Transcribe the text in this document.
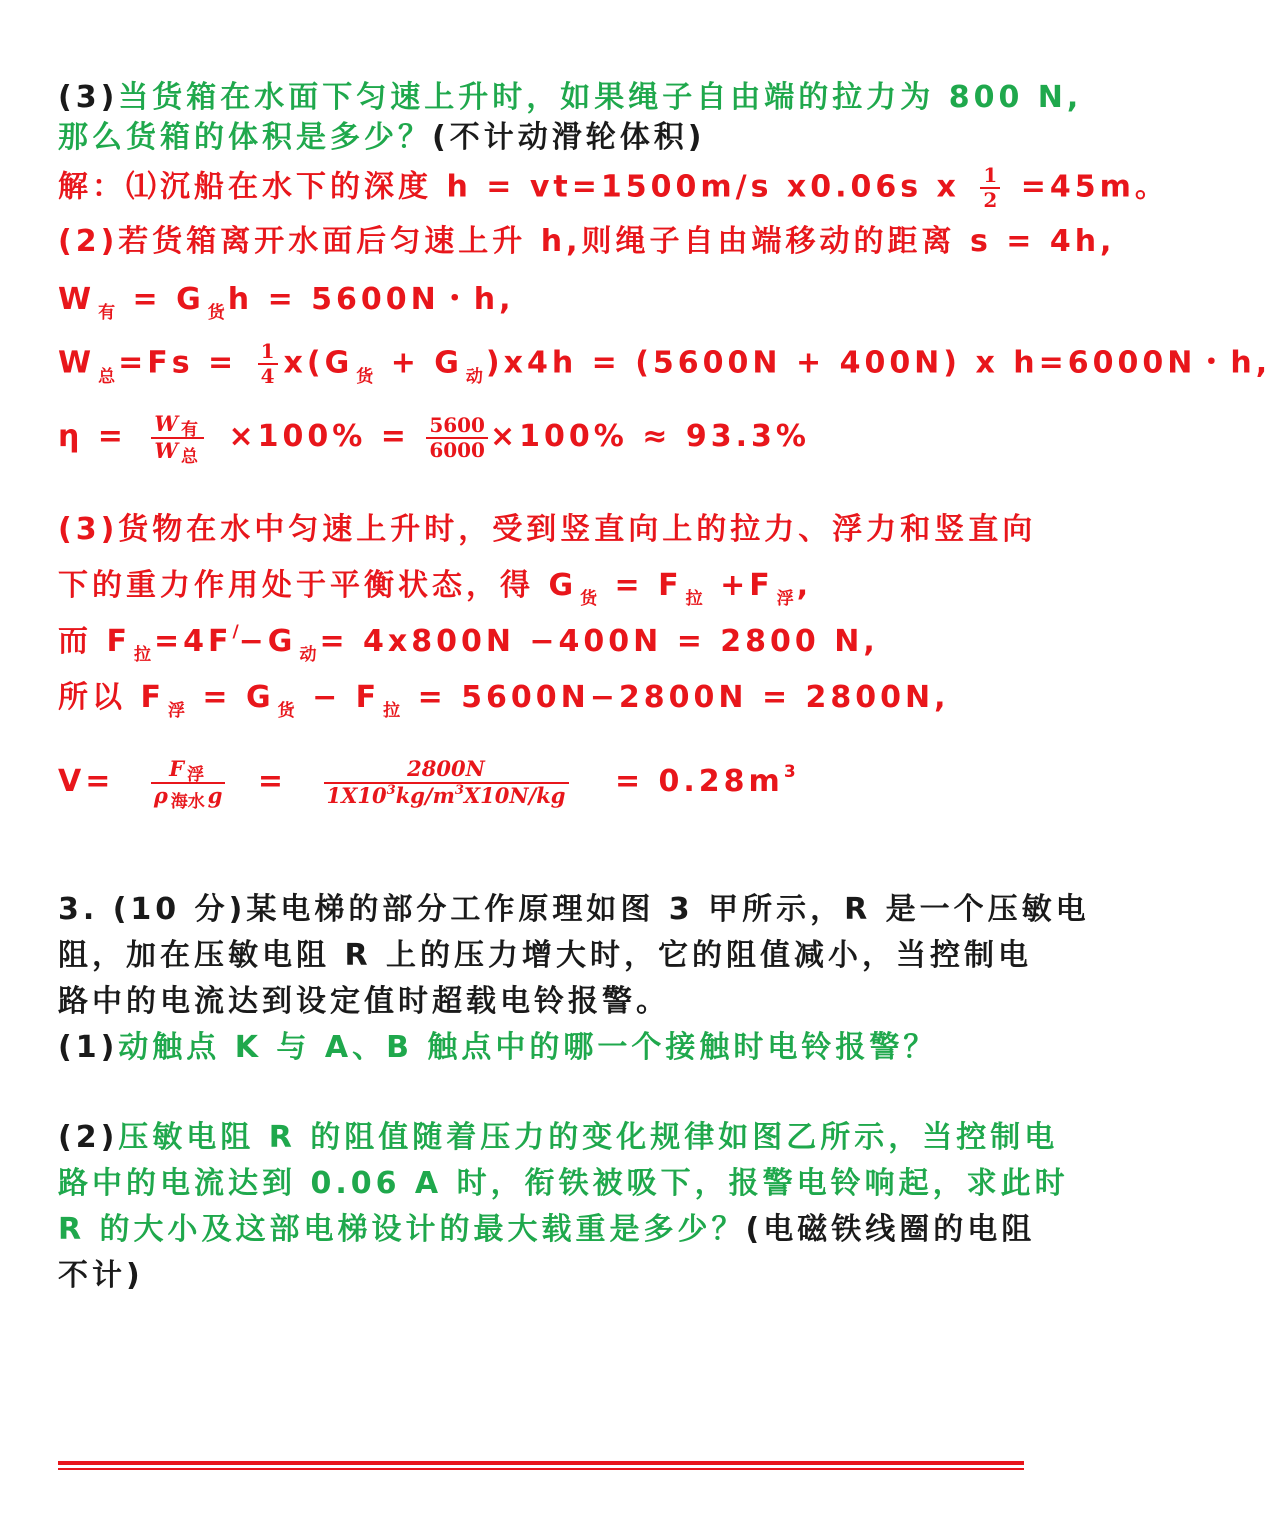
(3)当货箱在水面下匀速上升时，如果绳子自由端的拉力为 800 N,
那么货箱的体积是多少？(不计动滑轮体积)
解：⑴沉船在水下的深度 h = vt=1500m/s x0.06s x $\frac{1}{2} =45m$。
(2)若货箱离开水面后匀速上升 h,则绳子自由端移动的距离 s = 4h,
W $_有$ = G $_货$ h = 5600N・h,
W $_总 =Fs = \frac{1}{4} x(G$ $_货$ + G $_动$ )x4h = (5600N + 400N) x h=6000N・h,
$\eta = \frac{\text{W 有}}{\text{W 总}} \times 100\% = \frac{5600}{6000} \times 100\% \approx 93.3\%$
(3)货物在水中匀速上升时，受到竖直向上的拉力、浮力和竖直向
下的重力作用处于平衡状态，得 G $_货$ = F $_拉$ +F $_浮$ ,
而 F $_拉$ =4F/−G $_动$ = 4x800N −400N = 2800 N,
所以 F $_浮$ = G $_货$ − F $_拉$ = 5600N−2800N = 2800N,
$V= \frac{\text{F 浮}}{\text{ρ 海水 g}} = \frac{2800N}{1X10^3kg/m^3X10N/kg} = 0.28m^3$
3. (10 分)某电梯的部分工作原理如图 3 甲所示，R 是一个压敏电
阻，加在压敏电阻 R 上的压力增大时，它的阻值减小，当控制电
路中的电流达到设定值时超载电铃报警。
(1)动触点 K 与 A、B 触点中的哪一个接触时电铃报警？
(2)压敏电阻 R 的阻值随着压力的变化规律如图乙所示，当控制电
路中的电流达到 0.06 A 时，衔铁被吸下，报警电铃响起，求此时
R 的大小及这部电梯设计的最大载重是多少？(电磁铁线圈的电阻
不计)
